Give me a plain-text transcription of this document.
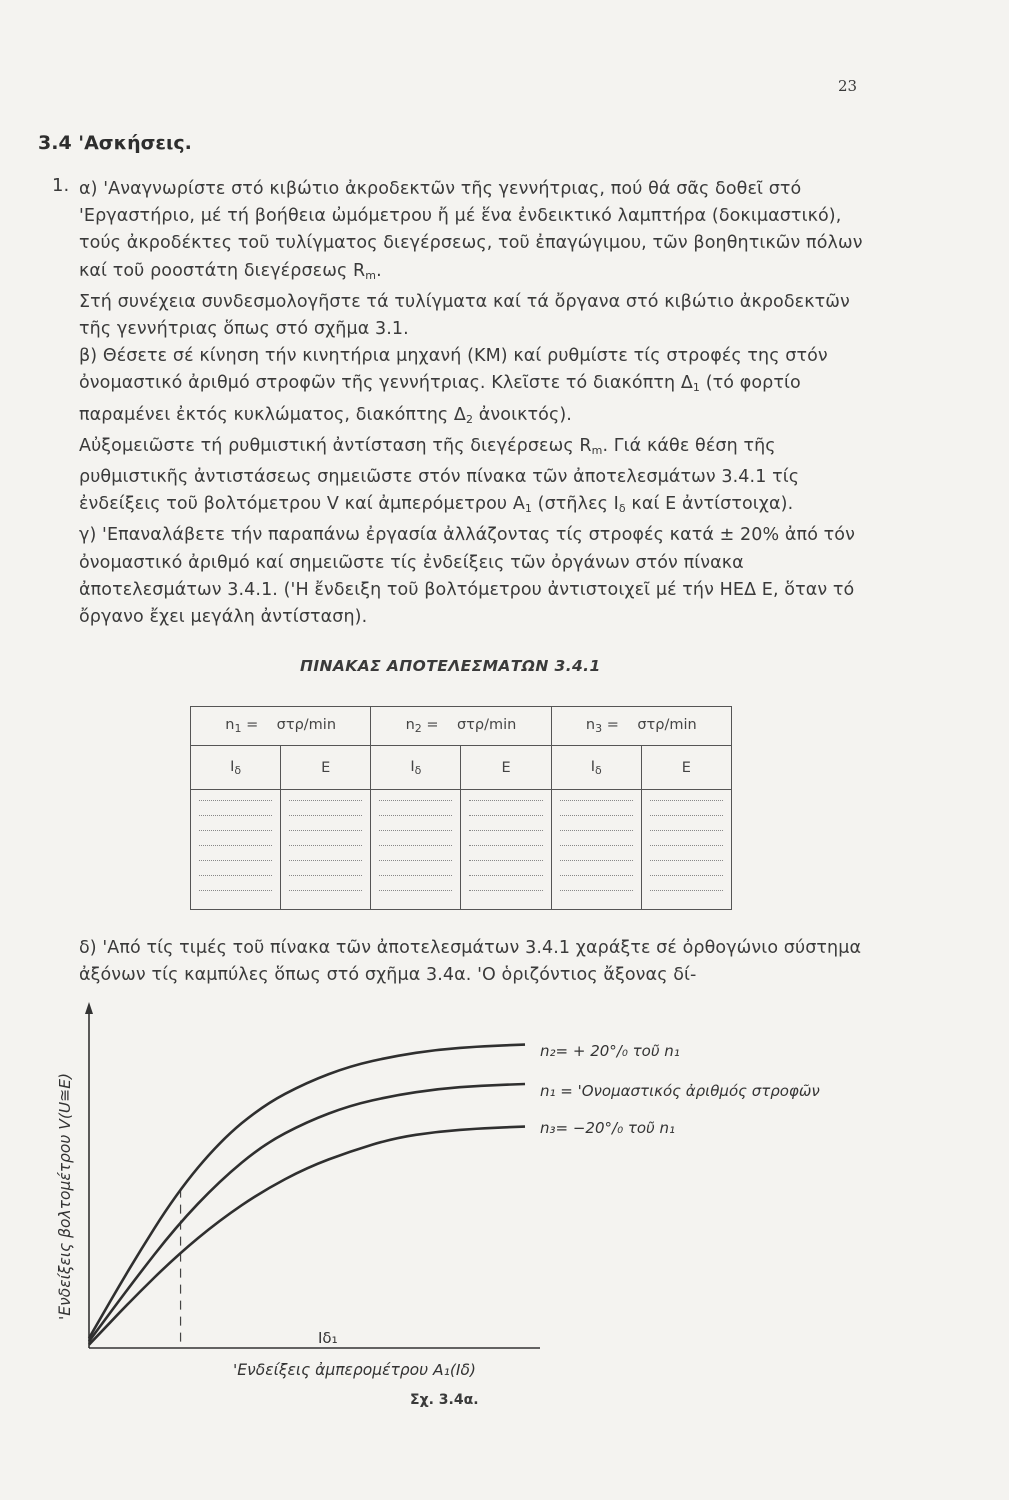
23
3.4 'Ασκήσεις.
1. α) 'Αναγνωρίστε στό κιβώτιο ἀκροδεκτῶν τῆς γεννήτριας, πού θά σᾶς δοθεῖ στό 'Εργαστήριο, μέ τή βοήθεια ὠμόμετρου ἤ μέ ἕνα ἐνδεικτικό λαμπτήρα (δοκιμαστικό), τούς ἀκροδέκτες τοῦ τυλίγματος διεγέρσεως, τοῦ ἐπαγώγιμου, τῶν βοηθητικῶν πόλων καί τοῦ ροοστάτη διεγέρσεως $R_m$.

Στή συνέχεια συνδεσμολογῆστε τά τυλίγματα καί τά ὄργανα στό κιβώτιο ἀκροδεκτῶν τῆς γεννήτριας ὅπως στό σχῆμα 3.1.

β) Θέσετε σέ κίνηση τήν κινητήρια μηχανή (ΚΜ) καί ρυθμίστε τίς στροφές της στόν ὀνομαστικό ἀριθμό στροφῶν τῆς γεννήτριας. Κλεῖστε τό διακόπτη $\Delta_1$ (τό φορτίο παραμένει ἐκτός κυκλώματος, διακόπτης $\Delta_2$ ἀνοικτός).

Αὐξομειῶστε τή ρυθμιστική ἀντίσταση τῆς διεγέρσεως $R_m$. Γιά κάθε θέση τῆς ρυθμιστικῆς ἀντιστάσεως σημειῶστε στόν πίνακα τῶν ἀποτελεσμάτων 3.4.1 τίς ἐνδείξεις τοῦ βολτόμετρου V καί ἀμπερόμετρου $A_1$ (στῆλες $I_\delta$ καί E ἀντίστοιχα).

γ) 'Επαναλάβετε τήν παραπάνω ἐργασία ἀλλάζοντας τίς στροφές κατά ± 20% ἀπό τόν ὀνομαστικό ἀριθμό καί σημειῶστε τίς ἐνδείξεις τῶν ὀργάνων στόν πίνακα ἀποτελεσμάτων 3.4.1. ('Η ἔνδειξη τοῦ βολτόμετρου ἀντιστοιχεῖ μέ τήν ΗΕΔ Ε, ὅταν τό ὄργανο ἔχει μεγάλη ἀντίσταση).

ΠΙΝΑΚΑΣ ΑΠΟΤΕΛΕΣΜΑΤΩΝ 3.4.1
$n_1 = \sigma\tau\rho/\min$		$n_2 = \sigma\tau\rho/\min$		$n_3 = \sigma\tau\rho/\min$	
$I_\delta$	E	$I_\delta$	E	$I_\delta$	E

δ) 'Από τίς τιμές τοῦ πίνακα τῶν ἀποτελεσμάτων 3.4.1 χαράξτε σέ ὀρθογώνιο σύστημα ἀξόνων τίς καμπύλες ὅπως στό σχῆμα 3.4α. 'Ο ὁριζόντιος ἄξονας δί-
'Ενδείξεις βολτομέτρου V(U≅E)
'Ενδείξεις ἀμπερομέτρου A₁(Iδ)
Iδ₁
n₂= + 20°/₀ τοῦ n₁
n₁ = 'Ονομαστικός ἀριθμός στροφῶν
n₃= −20°/₀ τοῦ n₁
Σχ. 3.4α.
